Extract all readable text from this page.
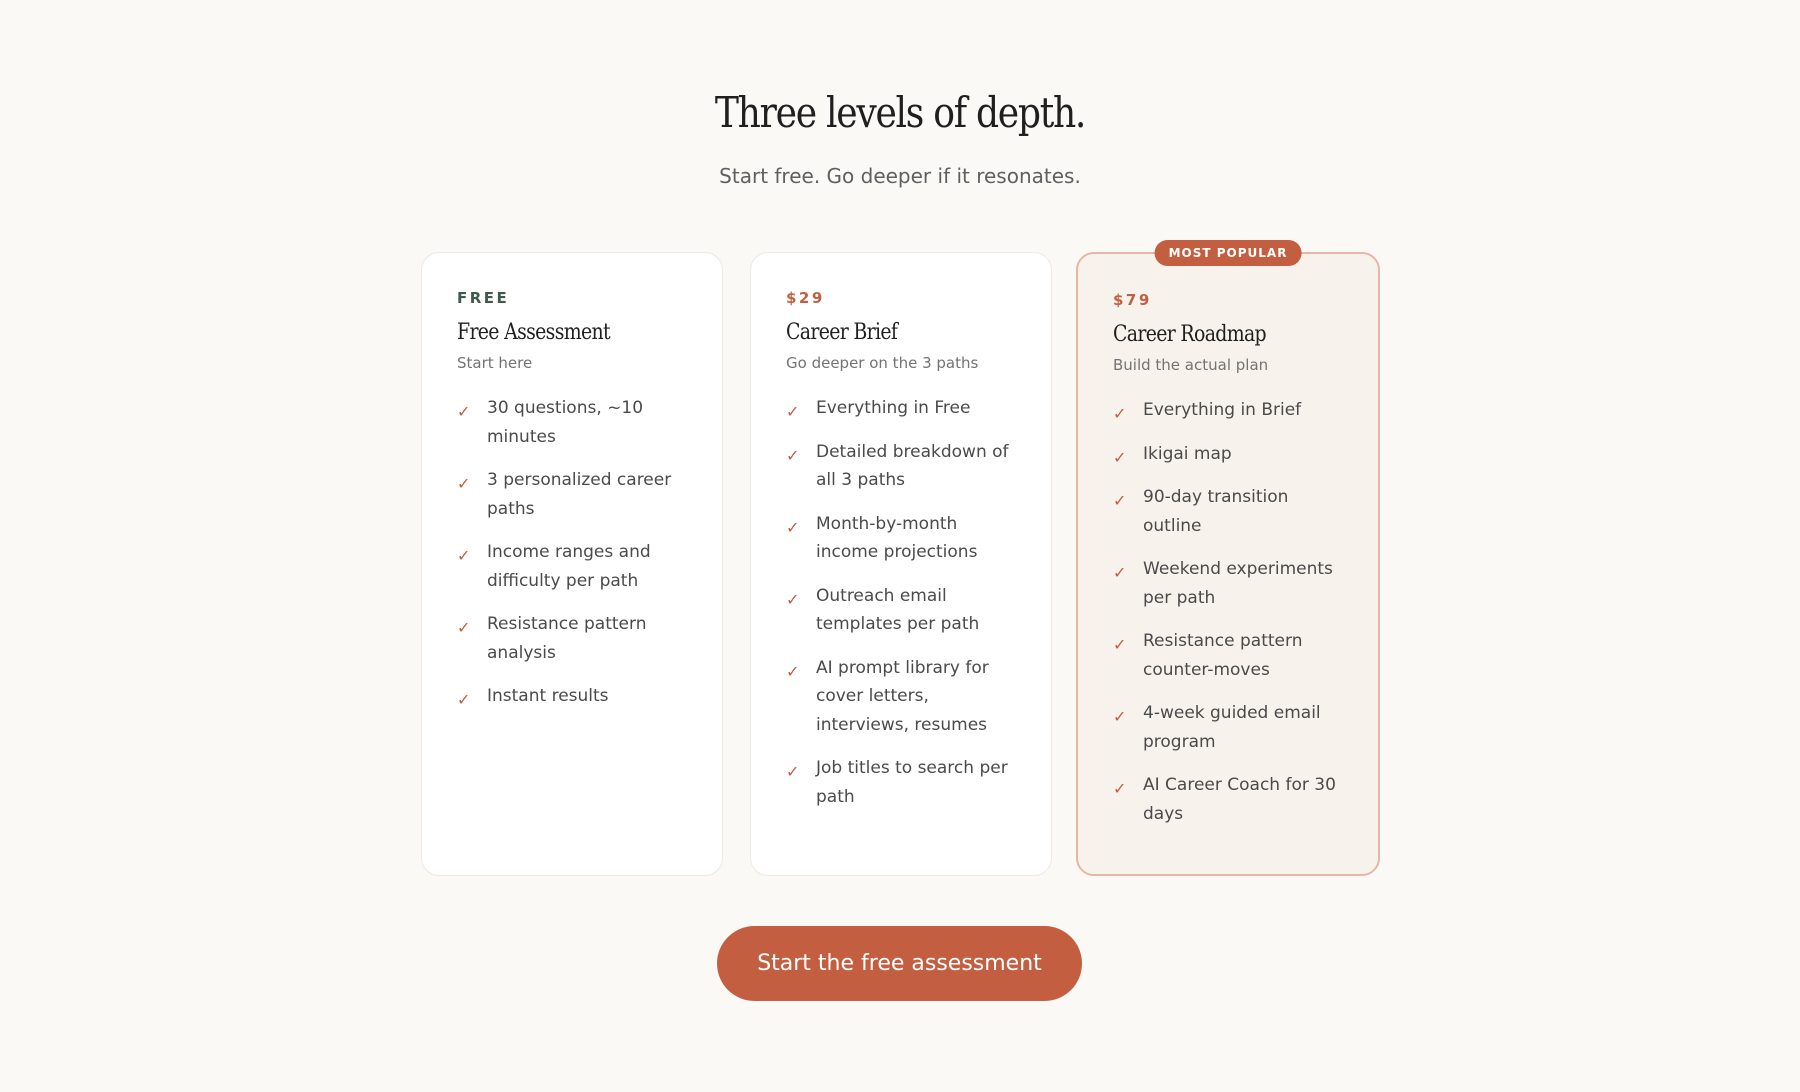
Three levels of depth.

Start free. Go deeper if it resonates.

FREE
Free Assessment
Start here
✓ 30 questions, ~10 minutes
✓ 3 personalized career paths
✓ Income ranges and difficulty per path
✓ Resistance pattern analysis
✓ Instant results
$29
Career Brief
Go deeper on the 3 paths
✓ Everything in Free
✓ Detailed breakdown of all 3 paths
✓ Month-by-month income projections
✓ Outreach email templates per path
✓ AI prompt library for cover letters, interviews, resumes
✓ Job titles to search per path
MOST POPULAR
$79
Career Roadmap
Build the actual plan
✓ Everything in Brief
✓ Ikigai map
✓ 90-day transition outline
✓ Weekend experiments per path
✓ Resistance pattern counter-moves
✓ 4-week guided email program
✓ AI Career Coach for 30 days
Start the free assessment
